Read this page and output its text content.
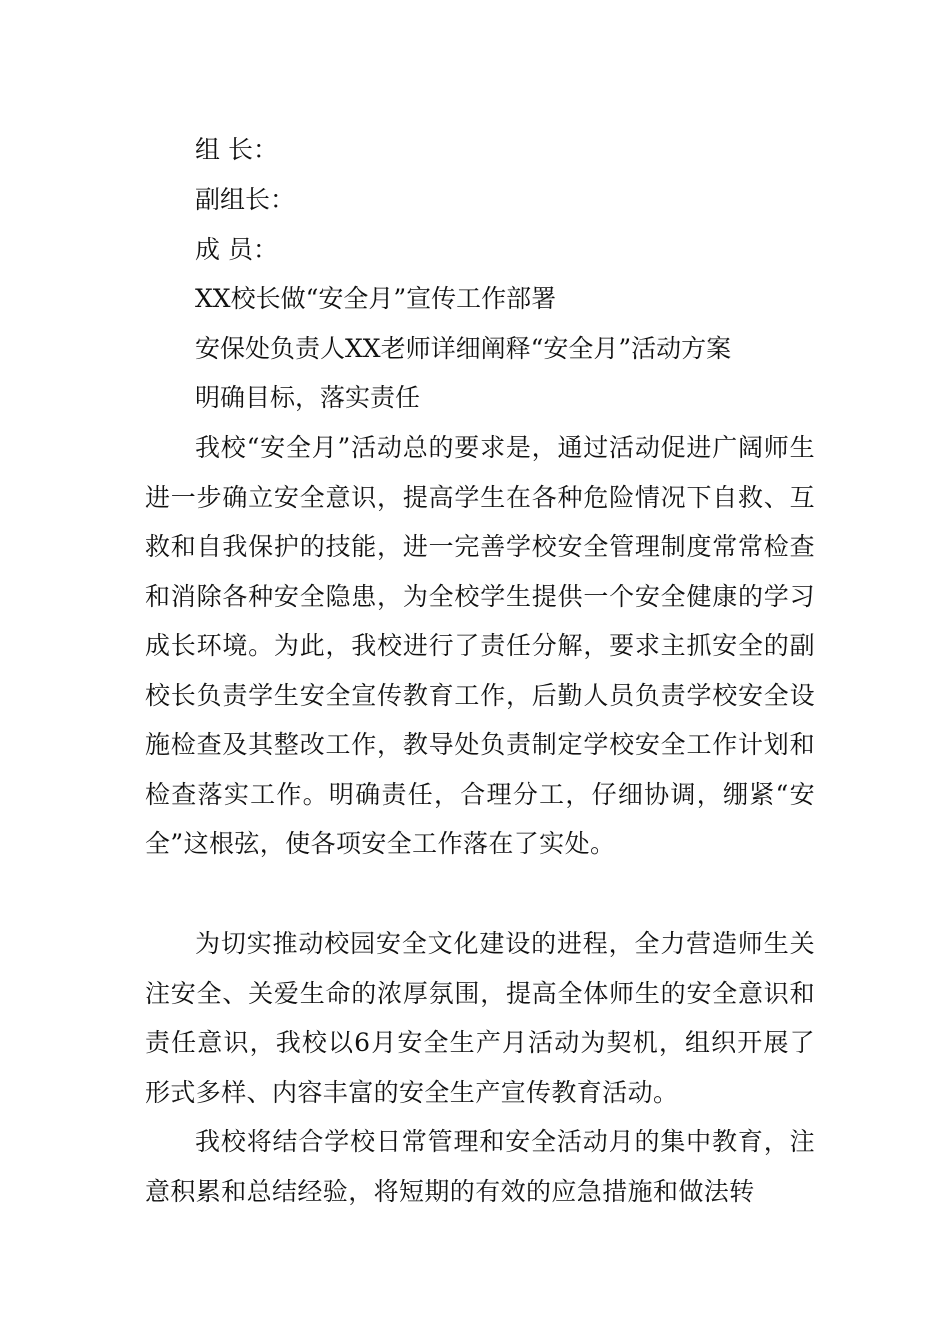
组 长：
副组长：
成 员：
XX校长做“安全月”宣传工作部署
安保处负责人XX老师详细阐释“安全月”活动方案
明确目标，落实责任

我校“安全月”活动总的要求是，通过活动促进广阔师生进一步确立安全意识，提高学生在各种危险情况下自救、互救和自我保护的技能，进一完善学校安全管理制度常常检查和消除各种安全隐患，为全校学生提供一个安全健康的学习成长环境。为此，我校进行了责任分解，要求主抓安全的副校长负责学生安全宣传教育工作，后勤人员负责学校安全设施检查及其整改工作，教导处负责制定学校安全工作计划和检查落实工作。明确责任，合理分工，仔细协调，绷紧“安全”这根弦，使各项安全工作落在了实处。

为切实推动校园安全文化建设的进程，全力营造师生关注安全、关爱生命的浓厚氛围，提高全体师生的安全意识和责任意识，我校以6月安全生产月活动为契机，组织开展了形式多样、内容丰富的安全生产宣传教育活动。

我校将结合学校日常管理和安全活动月的集中教育，注意积累和总结经验，将短期的有效的应急措施和做法转
